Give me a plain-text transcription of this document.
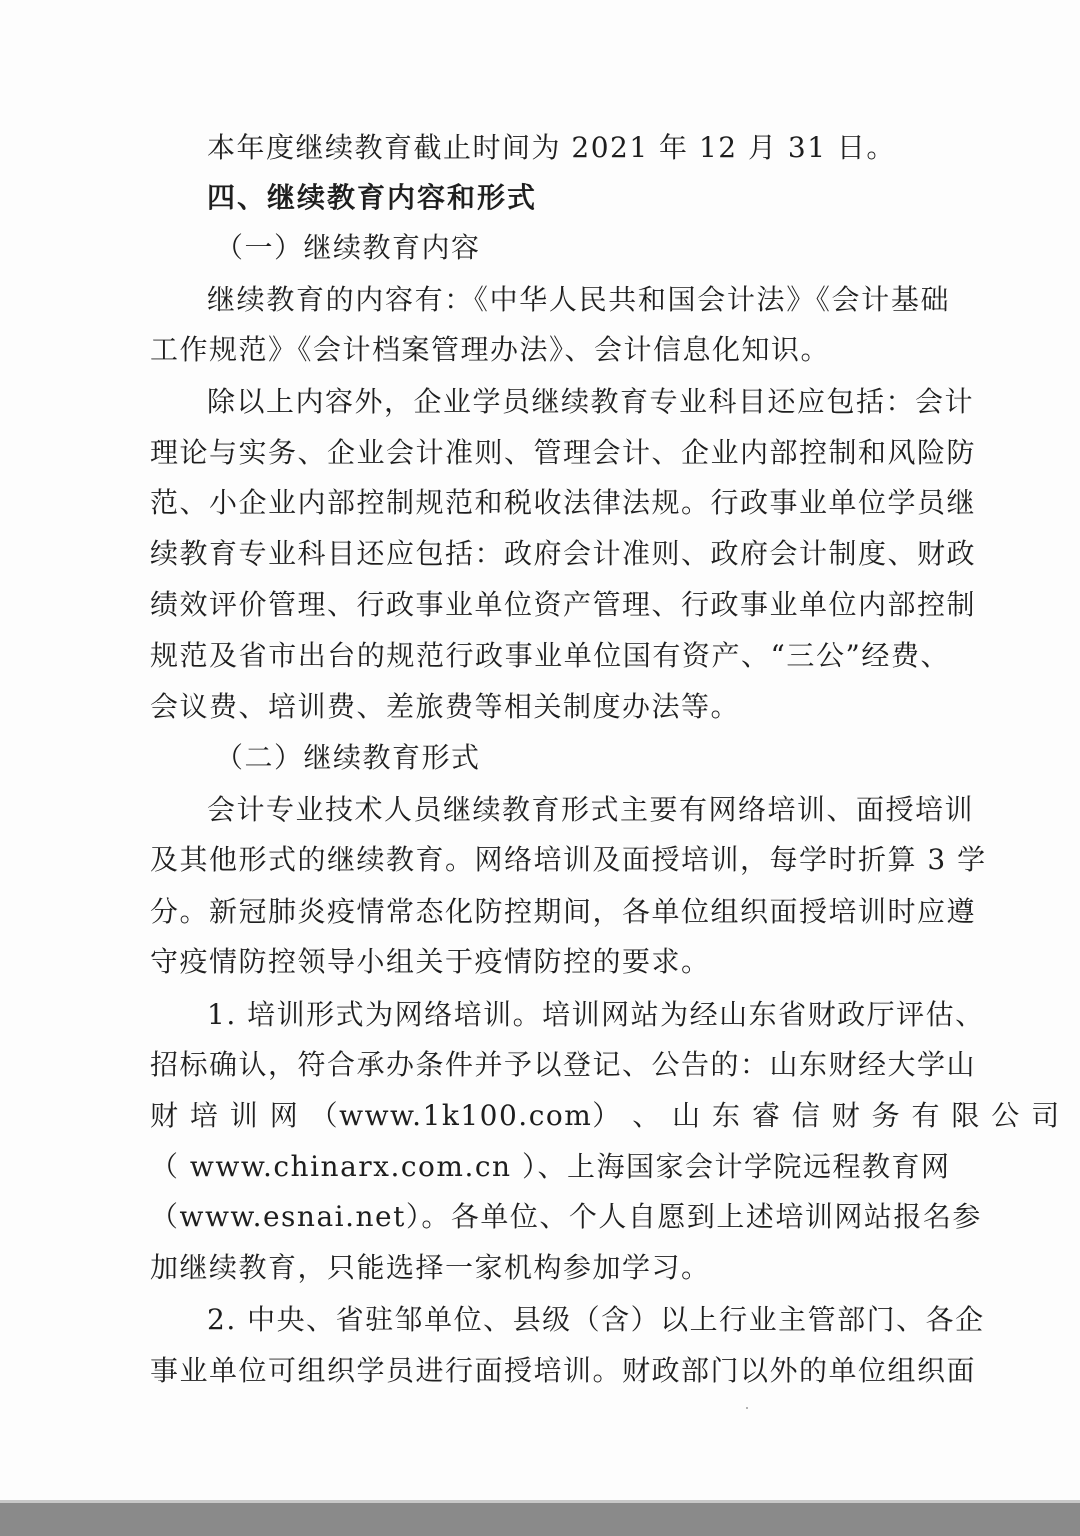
本年度继续教育截止时间为 2021 年 12 月 31 日。
四、继续教育内容和形式
（一）继续教育内容
继续教育的内容有：《中华人民共和国会计法》《会计基础
工作规范》《会计档案管理办法》、会计信息化知识。
除以上内容外，企业学员继续教育专业科目还应包括：会计
理论与实务、企业会计准则、管理会计、企业内部控制和风险防
范、小企业内部控制规范和税收法律法规。行政事业单位学员继
续教育专业科目还应包括：政府会计准则、政府会计制度、财政
绩效评价管理、行政事业单位资产管理、行政事业单位内部控制
规范及省市出台的规范行政事业单位国有资产、“三公”经费、
会议费、培训费、差旅费等相关制度办法等。
（二）继续教育形式
会计专业技术人员继续教育形式主要有网络培训、面授培训
及其他形式的继续教育。网络培训及面授培训，每学时折算 3 学
分。新冠肺炎疫情常态化防控期间，各单位组织面授培训时应遵
守疫情防控领导小组关于疫情防控的要求。
1. 培训形式为网络培训。培训网站为经山东省财政厅评估、
招标确认，符合承办条件并予以登记、公告的：山东财经大学山
财 培 训 网 （www.1k100.com） 、 山 东 睿 信 财 务 有 限 公 司
（ www.chinarx.com.cn ）、上海国家会计学院远程教育网
（www.esnai.net）。各单位、个人自愿到上述培训网站报名参
加继续教育，只能选择一家机构参加学习。
2. 中央、省驻邹单位、县级（含）以上行业主管部门、各企
事业单位可组织学员进行面授培训。财政部门以外的单位组织面
